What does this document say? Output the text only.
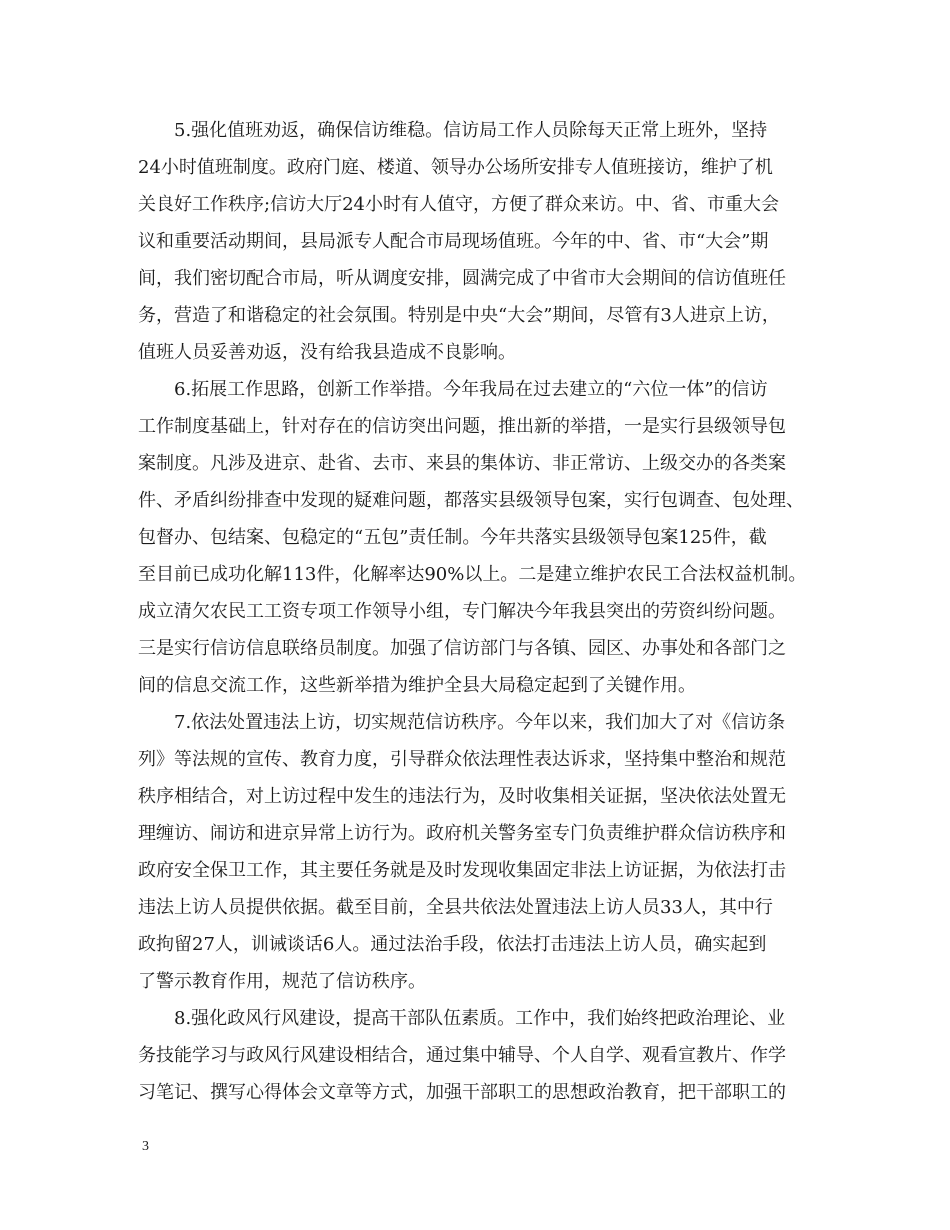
5.强化值班劝返，确保信访维稳。信访局工作人员除每天正常上班外，坚持
24小时值班制度。政府门庭、楼道、领导办公场所安排专人值班接访，维护了机
关良好工作秩序;信访大厅24小时有人值守，方便了群众来访。中、省、市重大会
议和重要活动期间，县局派专人配合市局现场值班。今年的中、省、市“大会”期
间，我们密切配合市局，听从调度安排，圆满完成了中省市大会期间的信访值班任
务，营造了和谐稳定的社会氛围。特别是中央“大会”期间，尽管有3人进京上访，
值班人员妥善劝返，没有给我县造成不良影响。
6.拓展工作思路，创新工作举措。今年我局在过去建立的“六位一体”的信访
工作制度基础上，针对存在的信访突出问题，推出新的举措，一是实行县级领导包
案制度。凡涉及进京、赴省、去市、来县的集体访、非正常访、上级交办的各类案
件、矛盾纠纷排查中发现的疑难问题，都落实县级领导包案，实行包调查、包处理、
包督办、包结案、包稳定的“五包”责任制。今年共落实县级领导包案125件，截
至目前已成功化解113件，化解率达90%以上。二是建立维护农民工合法权益机制。
成立清欠农民工工资专项工作领导小组，专门解决今年我县突出的劳资纠纷问题。
三是实行信访信息联络员制度。加强了信访部门与各镇、园区、办事处和各部门之
间的信息交流工作，这些新举措为维护全县大局稳定起到了关键作用。
7.依法处置违法上访，切实规范信访秩序。今年以来，我们加大了对《信访条
列》等法规的宣传、教育力度，引导群众依法理性表达诉求，坚持集中整治和规范
秩序相结合，对上访过程中发生的违法行为，及时收集相关证据，坚决依法处置无
理缠访、闹访和进京异常上访行为。政府机关警务室专门负责维护群众信访秩序和
政府安全保卫工作，其主要任务就是及时发现收集固定非法上访证据，为依法打击
违法上访人员提供依据。截至目前，全县共依法处置违法上访人员33人，其中行
政拘留27人，训诫谈话6人。通过法治手段，依法打击违法上访人员，确实起到
了警示教育作用，规范了信访秩序。
8.强化政风行风建设，提高干部队伍素质。工作中，我们始终把政治理论、业
务技能学习与政风行风建设相结合，通过集中辅导、个人自学、观看宣教片、作学
习笔记、撰写心得体会文章等方式，加强干部职工的思想政治教育，把干部职工的
3
